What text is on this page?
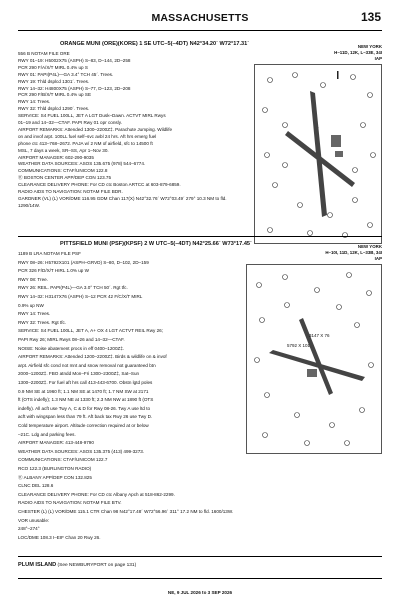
MASSACHUSETTS	135
ORANGE MUNI (ORE)(KORE) 1 SE UTC–5(–4DT) N42°34.20´ W72°17.31´	NEW YORK
H–11D, 12K, L–33E, 34I
IAP
556 B NOTAM FILE ORE
RWY 01–19: H5002X75 (ASPH) S–83, D–144, 2D–258
PCR 290 F/A/X/T MIRL 0.4% up S
RWY 01: PAPI(P4L)—GA 3.4° TCH 45´. Trees.
RWY 19: Thld dsplcd 1301´. Trees.
RWY 14–32: H4800X75 (ASPH) S–77, D–123, 2D–208
PCR 290 F/B/X/T MIRL 0.4% up SE
RWY 14: Trees.
RWY 32: Thld dsplcd 1290´. Trees.
SERVICE: S4 FUEL 100LL, JET A LGT Dusk–Dawn. ACTVT MIRL Rwys
01–19 and 14–32—CTAF. PAPI Rwy 01 opr consly.
AIRPORT REMARKS: Attended 1300–2200Z‡. Parachute Jumping. Wildlife
on and invof arpt. 100LL fuel self–svc avbl 24 hrs. Aft hrs emerg fuel
phone ctc 413–768–2672. PAJA w/ 2 NM of airfield, sfc to 14500 ft
MSL, 7 days a week, SR–SS, Apr 1–Nov 30.
AIRPORT MANAGER: 602-290-9035
WEATHER DATA SOURCES: ASOS 135.675 (978) 544–6774.
COMMUNICATIONS: CTAF/UNICOM 122.8
Ⓡ BOSTON CENTER APP/DEP CON 123.75
CLEARANCE DELIVERY PHONE: For CD ctc Boston ARTCC at 603-879-6859.
RADIO AIDS TO NAVIGATION: NOTAM FILE BDR.
GARDNER (VL) (L) VOR/DME 116.95 GDM Chan 117(X) N42°32.76´ W72°03.49´ 279° 10.3 NM to fld.
1290/14W.
PITTSFIELD MUNI (PSF)(KPSF) 2 W UTC–5(–4DT) N42°25.66´ W73°17.45´	NEW YORK
H–10I, 11D, 12K, L–33B, 34I
IAP
1189 B LRA NOTAM FILE PSF
RWY 08–26: H5792X101 (ASPH–GRVD) S–80, D–102, 2D–159
PCR 326 F/D/X/T HIRL 1.0% up W
RWY 08: Tree.
RWY 26: REIL. PAPI(P4L)—GA 3.0° TCH 50´. Rgt tfc.
RWY 14–32: H3147X76 (ASPH) S–12 PCR 42 F/C/X/T MIRL
0.9% up NW
RWY 14: Trees.
RWY 32: Trees. Rgt tfc.
SERVICE: S4 FUEL 100LL, JET A, A+ OX 4 LGT ACTVT REIL Rwy 26;
PAPI Rwy 26; MIRL Rwys 08–26 and 14–32—CTAF.
NOISE: Noise abatement procs in eff 0400–1200Z‡.
AIRPORT REMARKS: Attended 1200–2200Z‡. Birds & wildlife on & invof
arpt. Airfield sfc cond not mnt and snow removal not guaranteed btn
2000–1200Z‡. FBO atndd Mon–Fri 1300–2300Z‡, Sat–Sun
1300–2200Z‡. For fuel aft hrs call 413-443-6700. Obstn lgtd poles
0.9 NM SE at 1960 ft; 1.1 NM SE at 1470 ft; 1.7 NM SW at 2171
ft (OTS indefly); 1.3 NM NE at 1330 ft; 2.3 NM NW at 1890 ft (OTS
indefly). All acft use Twy A, C & D for Rwy 08-26. Twy A use ltd to
acft with wingspan less than 79 ft. Aft back tax Rwy 26 use Twy D.
Cold temperature airport. Altitude correction required at or below
–21C. Ldg and parking fees.
AIRPORT MANAGER: 413-448-9790
WEATHER DATA SOURCES: ASOS 135.375 (413) 499-3273.
COMMUNICATIONS: CTAF/UNICOM 122.7
RCO 122.3 (BURLINGTON RADIO)
Ⓡ ALBANY APP/DEP CON 132.825
CLNC DEL 128.6
CLEARANCE DELIVERY PHONE: For CD ctc Albany Apch at 518-862-2299.
RADIO AIDS TO NAVIGATION: NOTAM FILE BTV.
CHESTER (L) (L) VOR/DME 115.1 CTR Chan 98 N42°17.48´ W72°56.96´ 311° 17.2 NM to fld. 1600/13W.
VOR unusable:
248°–274°
LOC/DME 108.3 I–EIF Chan 20 Rwy 26.
5792 X 101
3147 X 76
PLUM ISLAND (See NEWBURYPORT on page 131)
NE, 9 JUL 2026 to 3 SEP 2026
